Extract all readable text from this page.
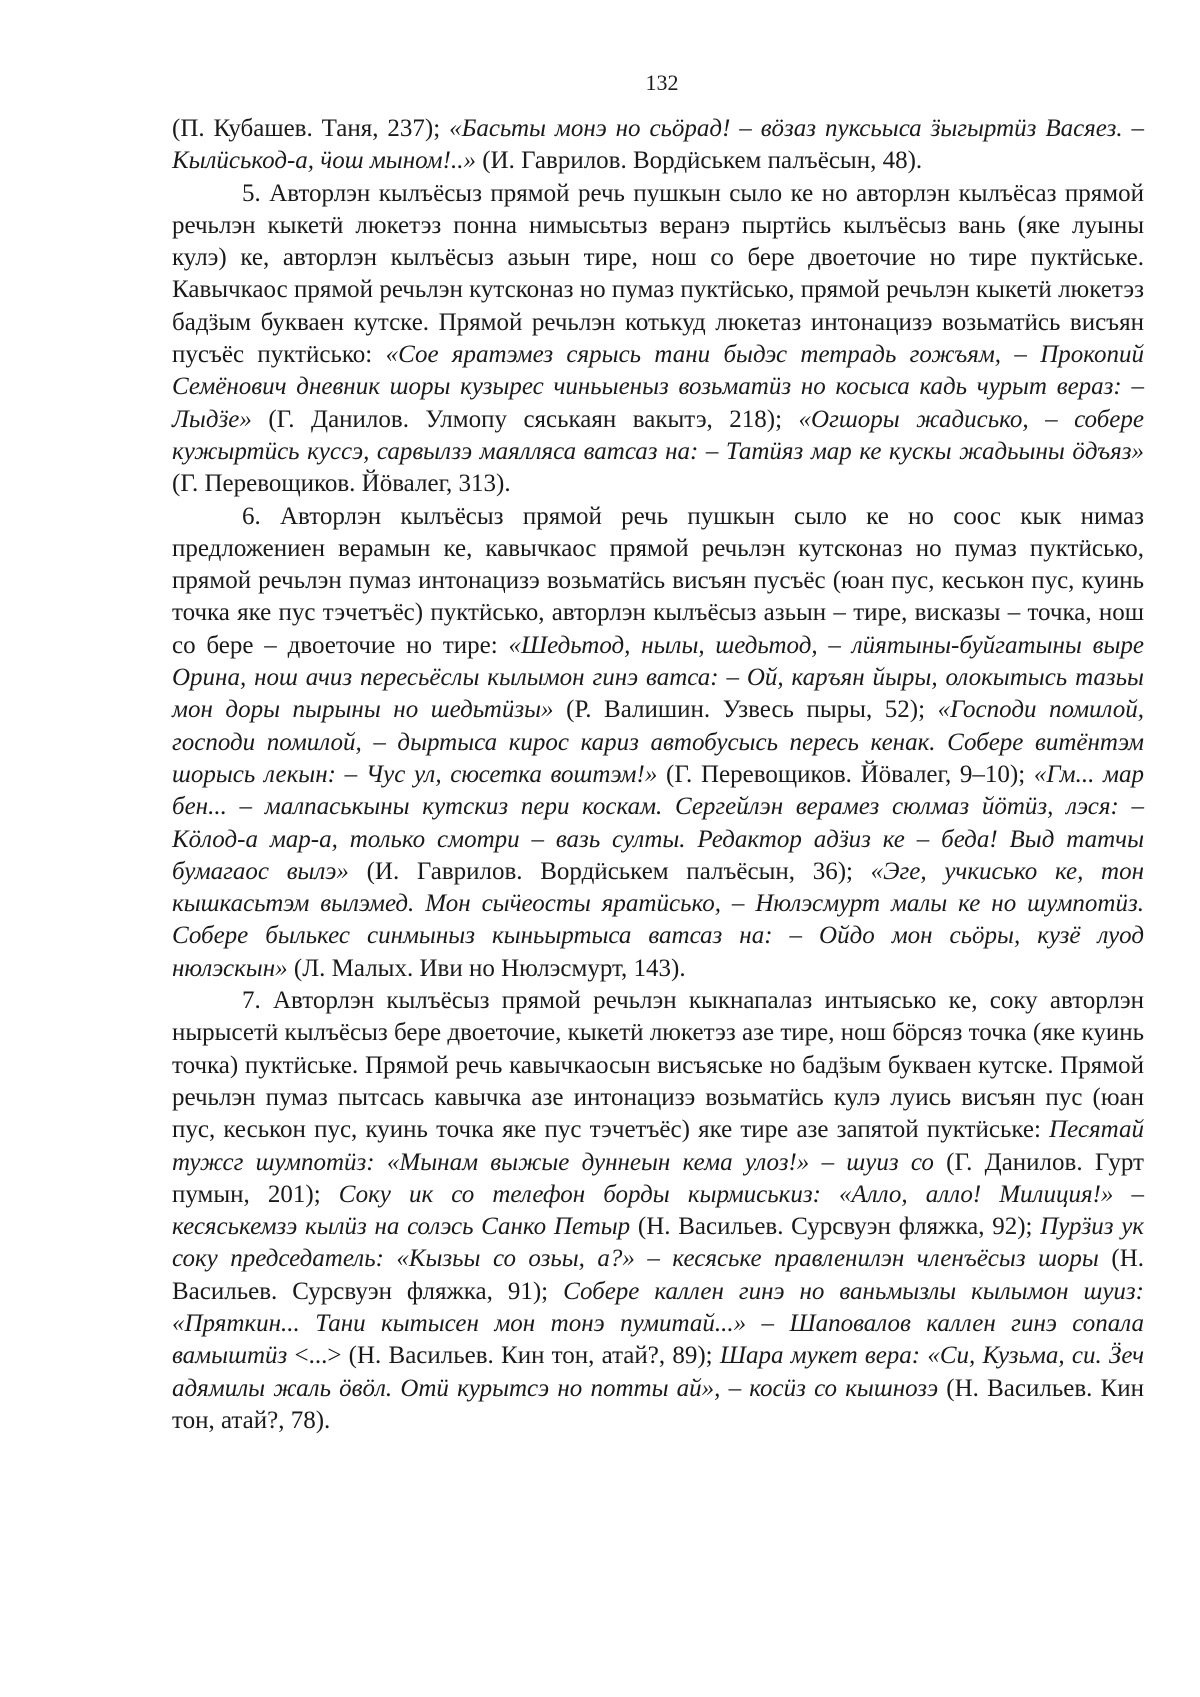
132

(П. Кубашев. Таня, 237); «Басьты монэ но сьӧрад! – вӧзаз пуксьыса ӟыгыртӥз Васяез. – Кылӥськод-а, ӵош мыном!..» (И. Гаврилов. Вордӥськем палъёсын, 48).

5. Авторлэн кылъёсыз прямой речь пушкын сыло ке но авторлэн кылъёсаз прямой речьлэн кыкетӥ люкетэз понна нимысьтыз веранэ пыртӥсь кылъёсыз вань (яке луыны кулэ) ке, авторлэн кылъёсыз азьын тире, нош со бере двоеточие но тире пуктӥське. Кавычкаос прямой речьлэн кутсконаз но пумаз пуктӥсько, прямой речьлэн кыкетӥ люкетэз бадӟым букваен кутске. Прямой речьлэн котькуд люкетаз интонацизэ возьматӥсь висъян пусъёс пуктӥсько: «Сое яратэмез сярысь тани быдэс тетрадь гожъям, – Прокопий Семёнович дневник шоры кузырес чиньыеныз возьматӥз но косыса кадь чурыт вераз: – Лыдӟе» (Г. Данилов. Улмопу сяськаян вакытэ, 218); «Огшоры жадисько, – собере кужыртӥсь куссэ, сарвылзэ маялляса ватсаз на: – Татӥяз мар ке кускы жадьыны ӧдъяз» (Г. Перевощиков. Йӧвалег, 313).

6. Авторлэн кылъёсыз прямой речь пушкын сыло ке но соос кык нимаз предложениен верамын ке, кавычкаос прямой речьлэн кутсконаз но пумаз пуктӥсько, прямой речьлэн пумаз интонацизэ возьматӥсь висъян пусъёс (юан пус, кеськон пус, куинь точка яке пус тэчетъёс) пуктӥсько, авторлэн кылъёсыз азьын – тире, висказы – точка, нош со бере – двоеточие но тире: «Шедьтод, нылы, шедьтод, – лӥятыны-буйгатыны выре Орина, нош ачиз пересьёслы кылымон гинэ ватса: – Ой, каръян йыры, олокытысь тазьы мон доры пырыны но шедьтӥзы» (Р. Валишин. Узвесь пыры, 52); «Господи помилой, господи помилой, – дыртыса кирос кариз автобусысь пересь кенак. Собере витёнтэм шорысь лекын: – Чус ул, сюсетка воштэм!» (Г. Перевощиков. Йӧвалег, 9–10); «Гм... мар бен... – малпаськыны кутскиз пери коскам. Сергейлэн верамез сюлмаз йӧтӥз, лэся: – Кӧлод-а мар-а, только смотри – вазь султы. Редактор адӟиз ке – беда! Выд татчы бумагаос вылэ» (И. Гаврилов. Вордӥськем палъёсын, 36); «Эге, учкисько ке, тон кышкасьтэм вылэмед. Мон сыӵеосты яратӥсько, – Нюлэсмурт малы ке но шумпотӥз. Собере былькес синмыныз кыньыртыса ватсаз на: – Ойдо мон сьӧры, кузё луод нюлэскын» (Л. Малых. Иви но Нюлэсмурт, 143).

7. Авторлэн кылъёсыз прямой речьлэн кыкнапалаз интыясько ке, соку авторлэн нырысетӥ кылъёсыз бере двоеточие, кыкетӥ люкетэз азе тире, нош бӧрсяз точка (яке куинь точка) пуктӥське. Прямой речь кавычкаосын висъяське но бадӟым букваен кутске. Прямой речьлэн пумаз пытсась кавычка азе интонацизэ возьматӥсь кулэ луись висъян пус (юан пус, кеськон пус, куинь точка яке пус тэчетъёс) яке тире азе запятой пуктӥське: Песятай тужсг шумпотӥз: «Мынам выжые дуннеын кема улоз!» – шуиз со (Г. Данилов. Гурт пумын, 201); Соку ик со телефон борды кырмиськиз: «Алло, алло! Милиция!» – кесяськемзэ кылӥз на солэсь Санко Петыр (Н. Васильев. Сурсвуэн фляжка, 92); Пурӟиз ук соку председатель: «Кызьы со озьы, а?» – кесяське правленилэн членъёсыз шоры (Н. Васильев. Сурсвуэн фляжка, 91); Собере каллен гинэ но ваньмызлы кылымон шуиз: «Пряткин... Тани кытысен мон тонэ пумитай...» – Шаповалов каллен гинэ сопала вамыштӥз <...> (Н. Васильев. Кин тон, атай?, 89); Шара мукет вера: «Си, Кузьма, си. Ӟеч адямилы жаль ӧвӧл. Отӥ курытсэ но потты ай», – косӥз со кышнозэ (Н. Васильев. Кин тон, атай?, 78).
